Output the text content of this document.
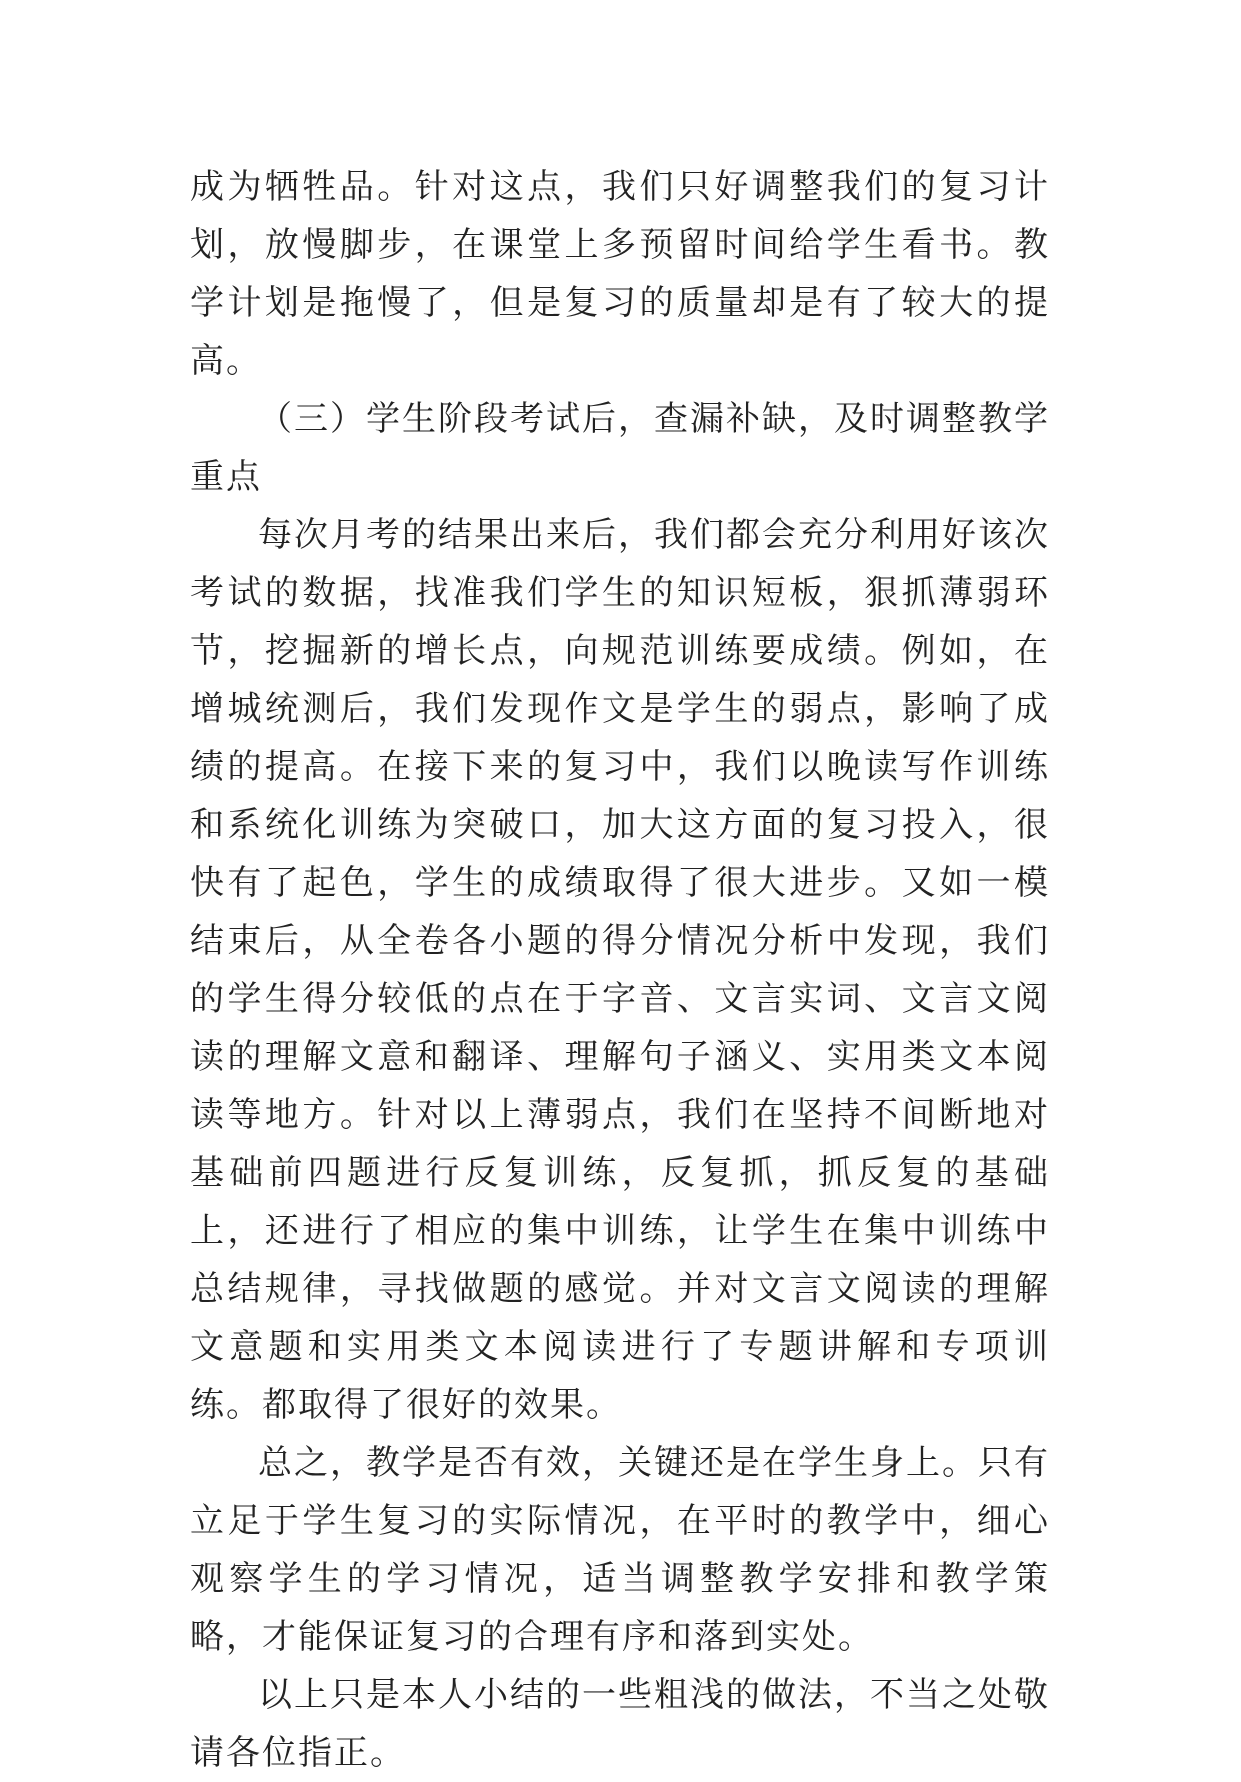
成为牺牲品。针对这点，我们只好调整我们的复习计划，放慢脚步，在课堂上多预留时间给学生看书。教学计划是拖慢了，但是复习的质量却是有了较大的提高。

（三）学生阶段考试后，查漏补缺，及时调整教学重点

每次月考的结果出来后，我们都会充分利用好该次考试的数据，找准我们学生的知识短板，狠抓薄弱环节，挖掘新的增长点，向规范训练要成绩。例如，在增城统测后，我们发现作文是学生的弱点，影响了成绩的提高。在接下来的复习中，我们以晚读写作训练和系统化训练为突破口，加大这方面的复习投入，很快有了起色，学生的成绩取得了很大进步。又如一模结束后，从全卷各小题的得分情况分析中发现，我们的学生得分较低的点在于字音、文言实词、文言文阅读的理解文意和翻译、理解句子涵义、实用类文本阅读等地方。针对以上薄弱点，我们在坚持不间断地对基础前四题进行反复训练，反复抓，抓反复的基础上，还进行了相应的集中训练，让学生在集中训练中总结规律，寻找做题的感觉。并对文言文阅读的理解文意题和实用类文本阅读进行了专题讲解和专项训练。都取得了很好的效果。

总之，教学是否有效，关键还是在学生身上。只有立足于学生复习的实际情况，在平时的教学中，细心观察学生的学习情况，适当调整教学安排和教学策略，才能保证复习的合理有序和落到实处。

以上只是本人小结的一些粗浅的做法，不当之处敬请各位指正。
